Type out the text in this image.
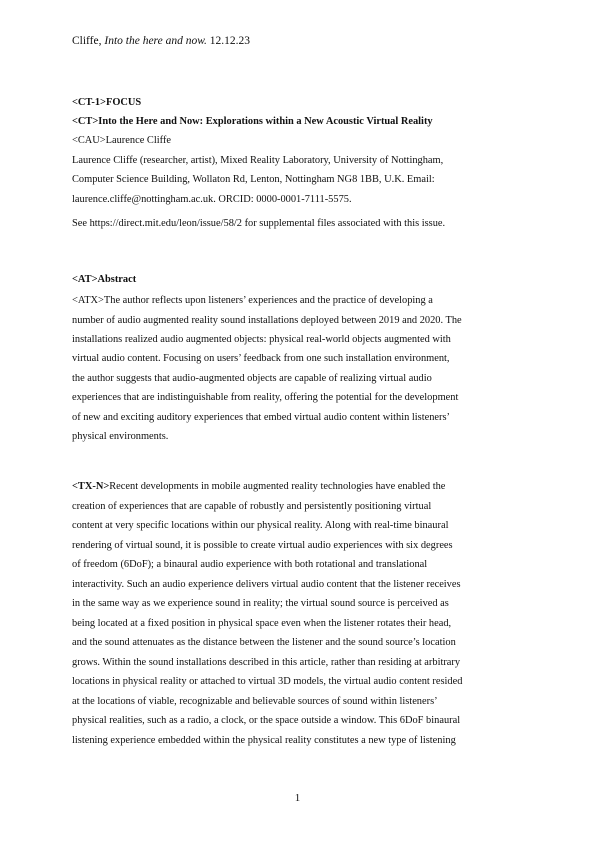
Cliffe, Into the here and now. 12.12.23
<CT-1>FOCUS
<CT>Into the Here and Now: Explorations within a New Acoustic Virtual Reality
<CAU>Laurence Cliffe
Laurence Cliffe (researcher, artist), Mixed Reality Laboratory, University of Nottingham,
Computer Science Building, Wollaton Rd, Lenton, Nottingham NG8 1BB, U.K. Email:
laurence.cliffe@nottingham.ac.uk. ORCID: 0000-0001-7111-5575.
See https://direct.mit.edu/leon/issue/58/2 for supplemental files associated with this issue.
<AT>Abstract
<ATX>The author reflects upon listeners’ experiences and the practice of developing a
number of audio augmented reality sound installations deployed between 2019 and 2020. The
installations realized audio augmented objects: physical real-world objects augmented with
virtual audio content. Focusing on users’ feedback from one such installation environment,
the author suggests that audio-augmented objects are capable of realizing virtual audio
experiences that are indistinguishable from reality, offering the potential for the development
of new and exciting auditory experiences that embed virtual audio content within listeners’
physical environments.
<TX-N>Recent developments in mobile augmented reality technologies have enabled the
creation of experiences that are capable of robustly and persistently positioning virtual
content at very specific locations within our physical reality. Along with real-time binaural
rendering of virtual sound, it is possible to create virtual audio experiences with six degrees
of freedom (6DoF); a binaural audio experience with both rotational and translational
interactivity. Such an audio experience delivers virtual audio content that the listener receives
in the same way as we experience sound in reality; the virtual sound source is perceived as
being located at a fixed position in physical space even when the listener rotates their head,
and the sound attenuates as the distance between the listener and the sound source’s location
grows. Within the sound installations described in this article, rather than residing at arbitrary
locations in physical reality or attached to virtual 3D models, the virtual audio content resided
at the locations of viable, recognizable and believable sources of sound within listeners’
physical realities, such as a radio, a clock, or the space outside a window. This 6DoF binaural
listening experience embedded within the physical reality constitutes a new type of listening
1
